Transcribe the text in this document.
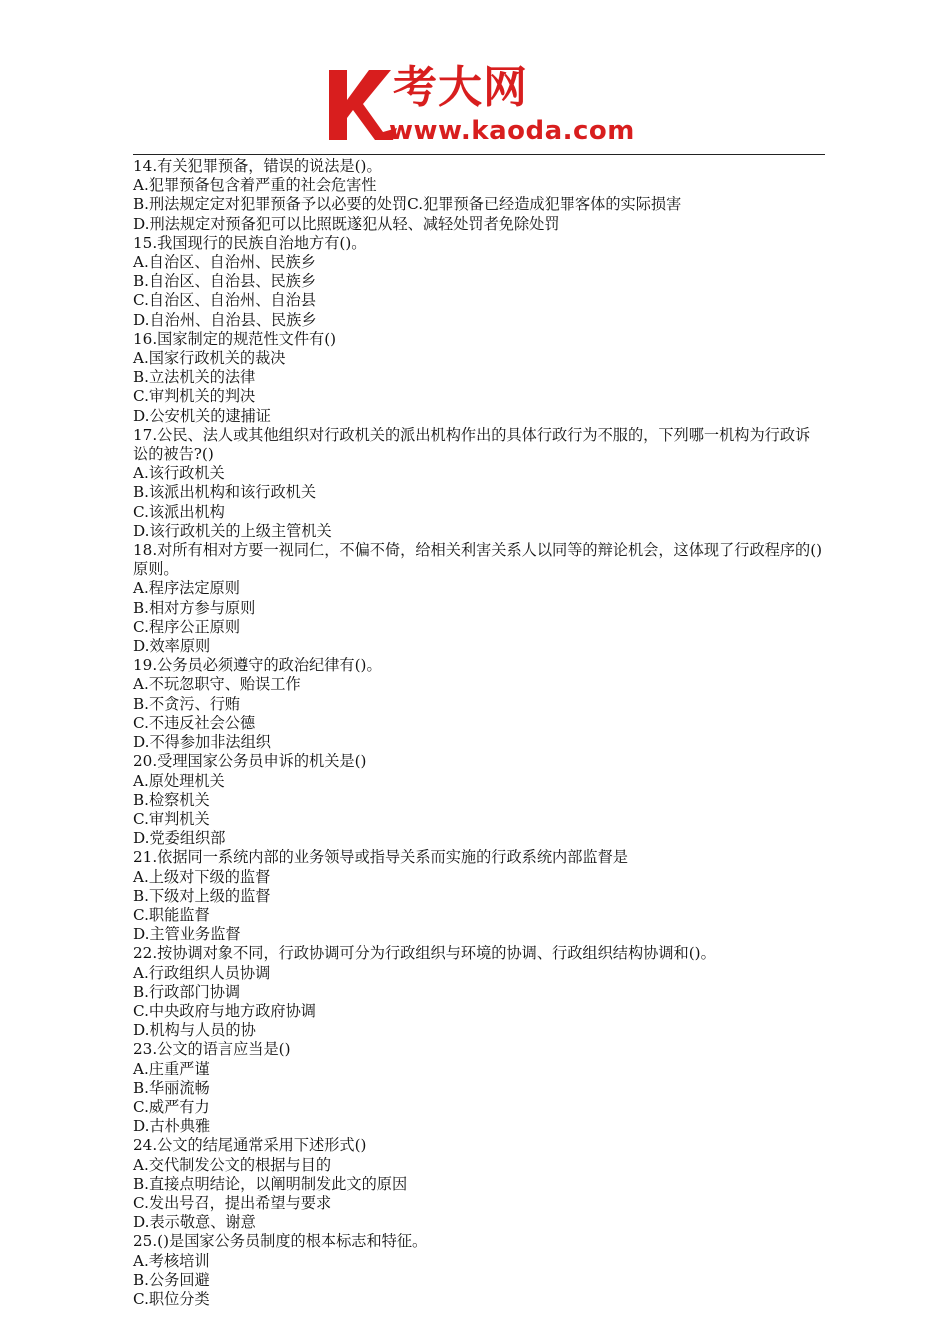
考大网
www.kaoda.com
14.有关犯罪预备，错误的说法是()。
A.犯罪预备包含着严重的社会危害性
B.刑法规定定对犯罪预备予以必要的处罚C.犯罪预备已经造成犯罪客体的实际损害
D.刑法规定对预备犯可以比照既遂犯从轻、减轻处罚者免除处罚
15.我国现行的民族自治地方有()。
A.自治区、自治州、民族乡
B.自治区、自治县、民族乡
C.自治区、自治州、自治县
D.自治州、自治县、民族乡
16.国家制定的规范性文件有()
A.国家行政机关的裁决
B.立法机关的法律
C.审判机关的判决
D.公安机关的逮捕证
17.公民、法人或其他组织对行政机关的派出机构作出的具体行政行为不服的，下列哪一机构为行政诉讼的被告?()
A.该行政机关
B.该派出机构和该行政机关
C.该派出机构
D.该行政机关的上级主管机关
18.对所有相对方要一视同仁，不偏不倚，给相关利害关系人以同等的辩论机会，这体现了行政程序的()原则。
A.程序法定原则
B.相对方参与原则
C.程序公正原则
D.效率原则
19.公务员必须遵守的政治纪律有()。
A.不玩忽职守、贻误工作
B.不贪污、行贿
C.不违反社会公德
D.不得参加非法组织
20.受理国家公务员申诉的机关是()
A.原处理机关
B.检察机关
C.审判机关
D.党委组织部
21.依据同一系统内部的业务领导或指导关系而实施的行政系统内部监督是
A.上级对下级的监督
B.下级对上级的监督
C.职能监督
D.主管业务监督
22.按协调对象不同，行政协调可分为行政组织与环境的协调、行政组织结构协调和()。
A.行政组织人员协调
B.行政部门协调
C.中央政府与地方政府协调
D.机构与人员的协
23.公文的语言应当是()
A.庄重严谨
B.华丽流畅
C.威严有力
D.古朴典雅
24.公文的结尾通常采用下述形式()
A.交代制发公文的根据与目的
B.直接点明结论，以阐明制发此文的原因
C.发出号召，提出希望与要求
D.表示敬意、谢意
25.()是国家公务员制度的根本标志和特征。
A.考核培训
B.公务回避
C.职位分类
